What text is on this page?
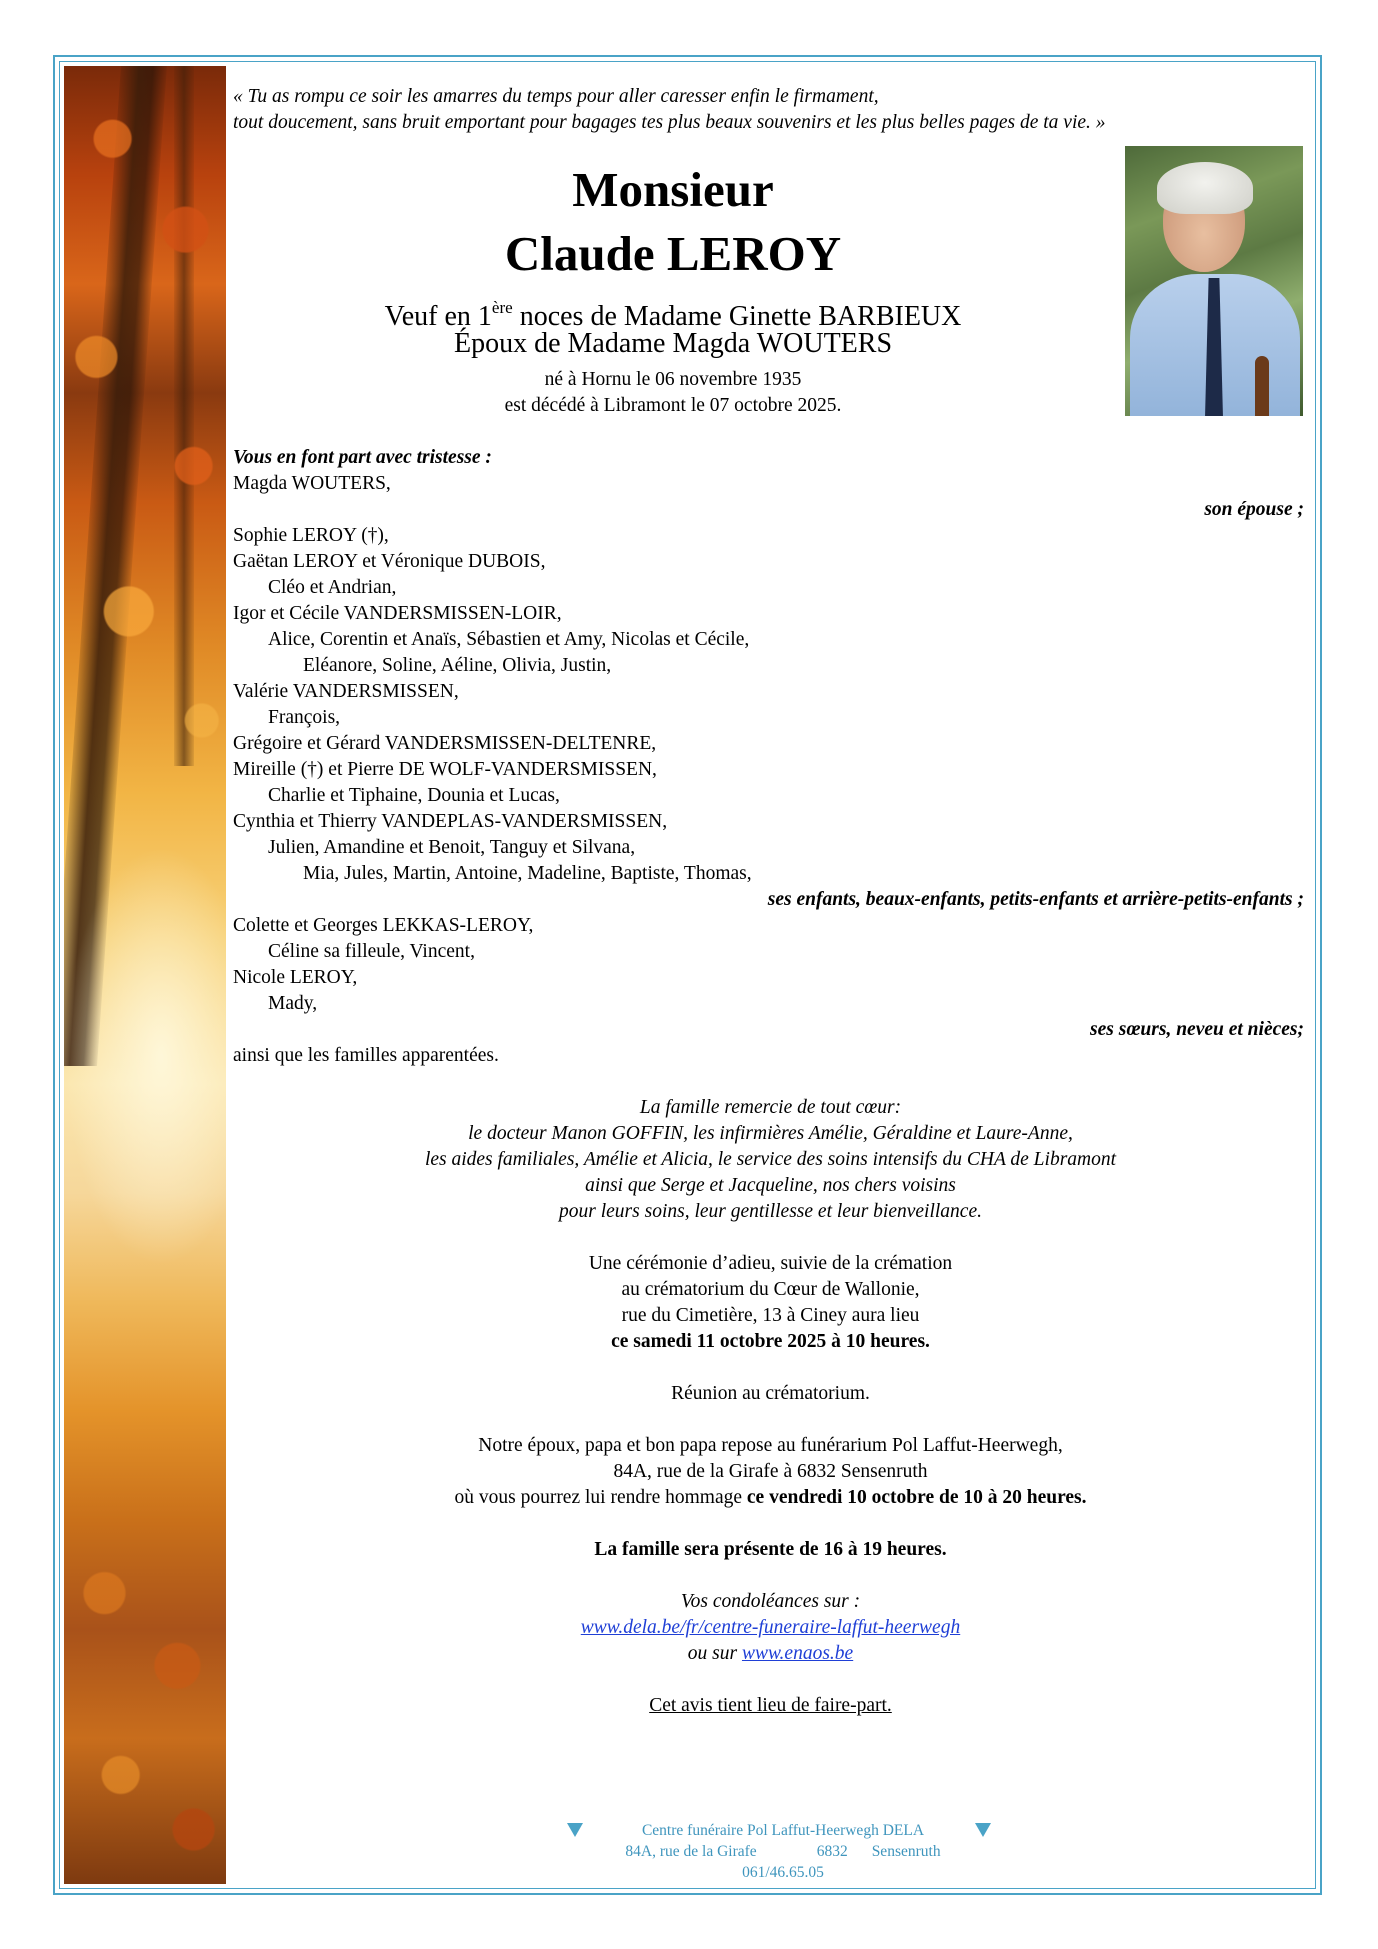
« Tu as rompu ce soir les amarres du temps pour aller caresser enfin le firmament,
tout doucement, sans bruit emportant pour bagages tes plus beaux souvenirs et les plus belles pages de ta vie. »
Monsieur
Claude LEROY
Veuf en 1ère noces de Madame Ginette BARBIEUX
Époux de Madame Magda WOUTERS
né à Hornu le 06 novembre 1935
est décédé à Libramont le 07 octobre 2025.
Vous en font part avec tristesse :
Magda WOUTERS,
son épouse ;
Sophie LEROY (†),
Gaëtan LEROY et Véronique DUBOIS,
Cléo et Andrian,
Igor et Cécile VANDERSMISSEN-LOIR,
Alice, Corentin et Anaïs, Sébastien et Amy, Nicolas et Cécile,
Eléanore, Soline, Aéline, Olivia, Justin,
Valérie VANDERSMISSEN,
François,
Grégoire et Gérard VANDERSMISSEN-DELTENRE,
Mireille (†) et Pierre DE WOLF-VANDERSMISSEN,
Charlie et Tiphaine, Dounia et Lucas,
Cynthia et Thierry VANDEPLAS-VANDERSMISSEN,
Julien, Amandine et Benoit, Tanguy et Silvana,
Mia, Jules, Martin, Antoine, Madeline, Baptiste, Thomas,
ses enfants, beaux-enfants, petits-enfants et arrière-petits-enfants ;
Colette et Georges LEKKAS-LEROY,
Céline sa filleule, Vincent,
Nicole LEROY,
Mady,
ses sœurs, neveu et nièces;
ainsi que les familles apparentées.
La famille remercie de tout cœur:
le docteur Manon GOFFIN, les infirmières Amélie, Géraldine et Laure-Anne,
les aides familiales, Amélie et Alicia, le service des soins intensifs du CHA de Libramont
ainsi que Serge et Jacqueline, nos chers voisins
pour leurs soins, leur gentillesse et leur bienveillance.
Une cérémonie d’adieu, suivie de la crémation
au crématorium du Cœur de Wallonie,
rue du Cimetière, 13 à Ciney aura lieu
ce samedi 11 octobre 2025 à 10 heures.
Réunion au crématorium.
Notre époux, papa et bon papa repose au funérarium Pol Laffut-Heerwegh,
84A, rue de la Girafe à 6832 Sensenruth
où vous pourrez lui rendre hommage ce vendredi 10 octobre de 10 à 20 heures.
La famille sera présente de 16 à 19 heures.
Vos condoléances sur :
www.dela.be/fr/centre-funeraire-laffut-heerwegh
ou sur www.enaos.be
Cet avis tient lieu de faire-part.
Centre funéraire Pol Laffut-Heerwegh DELA
84A, rue de la Girafe	6832 Sensenruth
061/46.65.05
